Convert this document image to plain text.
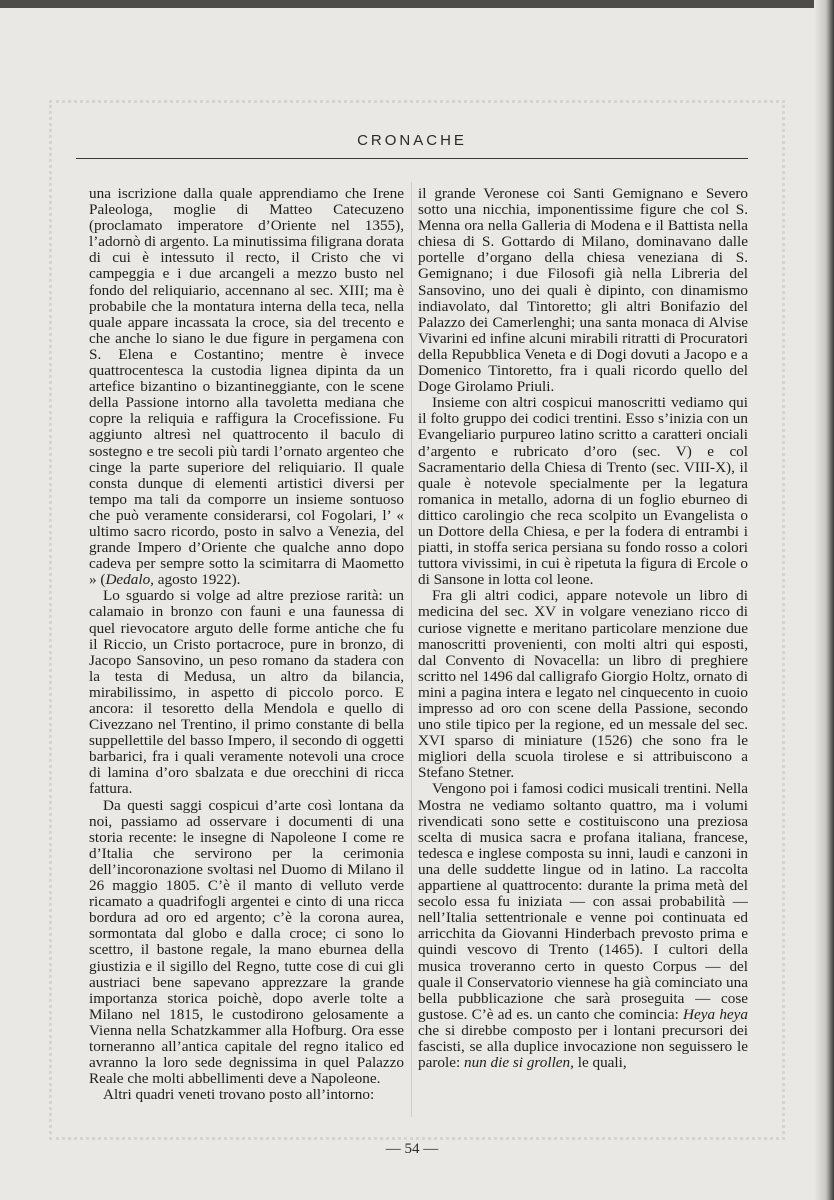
CRONACHE

una iscrizione dalla quale apprendiamo che Irene Paleologa, moglie di Matteo Catecuzeno (proclamato imperatore d’Oriente nel 1355), l’adornò di argento. La minutissima filigrana dorata di cui è intessuto il recto, il Cristo che vi campeggia e i due arcangeli a mezzo busto nel fondo del reliquiario, accennano al sec. XIII; ma è probabile che la montatura interna della teca, nella quale appare incassata la croce, sia del trecento e che anche lo siano le due figure in pergamena con S. Elena e Costantino; mentre è invece quattrocentesca la custodia lignea dipinta da un artefice bizantino o bizantineggiante, con le scene della Passione intorno alla tavoletta mediana che copre la reliquia e raffigura la Crocefissione. Fu aggiunto altresì nel quattrocento il baculo di sostegno e tre secoli più tardi l’ornato argenteo che cinge la parte superiore del reliquiario. Il quale consta dunque di elementi artistici diversi per tempo ma tali da comporre un insieme sontuoso che può veramente considerarsi, col Fogolari, l’ « ultimo sacro ricordo, posto in salvo a Venezia, del grande Impero d’Oriente che qualche anno dopo cadeva per sempre sotto la scimitarra di Maometto » (Dedalo, agosto 1922).

Lo sguardo si volge ad altre preziose rarità: un calamaio in bronzo con fauni e una faunessa di quel rievocatore arguto delle forme antiche che fu il Riccio, un Cristo portacroce, pure in bronzo, di Jacopo Sansovino, un peso romano da stadera con la testa di Medusa, un altro da bilancia, mirabilissimo, in aspetto di piccolo porco. E ancora: il tesoretto della Mendola e quello di Civezzano nel Trentino, il primo constante di bella suppellettile del basso Impero, il secondo di oggetti barbarici, fra i quali veramente notevoli una croce di lamina d’oro sbalzata e due orecchini di ricca fattura.

Da questi saggi cospicui d’arte così lontana da noi, passiamo ad osservare i documenti di una storia recente: le insegne di Napoleone I come re d’Italia che servirono per la cerimonia dell’incoronazione svoltasi nel Duomo di Milano il 26 maggio 1805. C’è il manto di velluto verde ricamato a quadrifogli argentei e cinto di una ricca bordura ad oro ed argento; c’è la corona aurea, sormontata dal globo e dalla croce; ci sono lo scettro, il bastone regale, la mano eburnea della giustizia e il sigillo del Regno, tutte cose di cui gli austriaci bene sapevano apprezzare la grande importanza storica poichè, dopo averle tolte a Milano nel 1815, le custodirono gelosamente a Vienna nella Schatzkammer alla Hofburg. Ora esse torneranno all’antica capitale del regno italico ed avranno la loro sede degnissima in quel Palazzo Reale che molti abbellimenti deve a Napoleone.

Altri quadri veneti trovano posto all’intorno:

il grande Veronese coi Santi Gemignano e Severo sotto una nicchia, imponentissime figure che col S. Menna ora nella Galleria di Modena e il Battista nella chiesa di S. Gottardo di Milano, dominavano dalle portelle d’organo della chiesa veneziana di S. Gemignano; i due Filosofi già nella Libreria del Sansovino, uno dei quali è dipinto, con dinamismo indiavolato, dal Tintoretto; gli altri Bonifazio del Palazzo dei Camerlenghi; una santa monaca di Alvise Vivarini ed infine alcuni mirabili ritratti di Procuratori della Repubblica Veneta e di Dogi dovuti a Jacopo e a Domenico Tintoretto, fra i quali ricordo quello del Doge Girolamo Priuli.

Insieme con altri cospicui manoscritti vediamo qui il folto gruppo dei codici trentini. Esso s’inizia con un Evangeliario purpureo latino scritto a caratteri onciali d’argento e rubricato d’oro (sec. V) e col Sacramentario della Chiesa di Trento (sec. VIII-X), il quale è notevole specialmente per la legatura romanica in metallo, adorna di un foglio eburneo di dittico carolingio che reca scolpito un Evangelista o un Dottore della Chiesa, e per la fodera di entrambi i piatti, in stoffa serica persiana su fondo rosso a colori tuttora vivissimi, in cui è ripetuta la figura di Ercole o di Sansone in lotta col leone.

Fra gli altri codici, appare notevole un libro di medicina del sec. XV in volgare veneziano ricco di curiose vignette e meritano particolare menzione due manoscritti provenienti, con molti altri qui esposti, dal Convento di Novacella: un libro di preghiere scritto nel 1496 dal calligrafo Giorgio Holtz, ornato di mini a pagina intera e legato nel cinquecento in cuoio impresso ad oro con scene della Passione, secondo uno stile tipico per la regione, ed un messale del sec. XVI sparso di miniature (1526) che sono fra le migliori della scuola tirolese e si attribuiscono a Stefano Stetner.

Vengono poi i famosi codici musicali trentini. Nella Mostra ne vediamo soltanto quattro, ma i volumi rivendicati sono sette e costituiscono una preziosa scelta di musica sacra e profana italiana, francese, tedesca e inglese composta su inni, laudi e canzoni in una delle suddette lingue od in latino. La raccolta appartiene al quattrocento: durante la prima metà del secolo essa fu iniziata — con assai probabilità — nell’Italia settentrionale e venne poi continuata ed arricchita da Giovanni Hinderbach prevosto prima e quindi vescovo di Trento (1465). I cultori della musica troveranno certo in questo Corpus — del quale il Conservatorio viennese ha già cominciato una bella pubblicazione che sarà proseguita — cose gustose. C’è ad es. un canto che comincia: Heya heya che si direbbe composto per i lontani precursori dei fascisti, se alla duplice invocazione non seguissero le parole: nun die si grollen, le quali,

— 54 —
